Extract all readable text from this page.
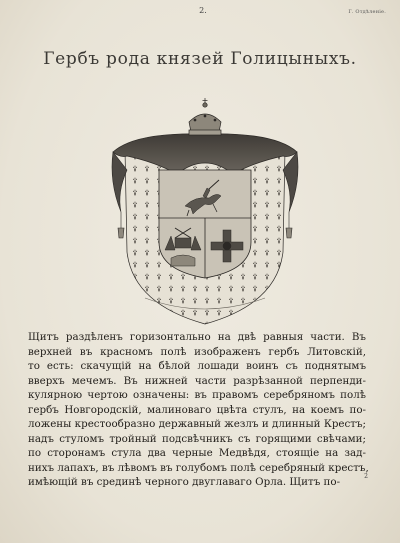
2.	Г. Отдѣленiе.
Гербъ рода князей Голицыныхъ.

Щитъ раздѣленъ горизонтально на двѣ равныя части. Въ
верхней въ красномъ полѣ изображенъ гербъ Литовскій,
то есть: скачущій на бѣлой лошади воинъ съ поднятымъ
вверхъ мечемъ. Въ нижней части разрѣзанной перпенди-
кулярною чертою означены: въ правомъ серебряномъ полѣ
гербъ Новгородскій, малиноваго цвѣта стулъ, на коемъ по-
ложены крестообразно державный жезлъ и длинный Крестъ;
надъ стуломъ тройный подсвѣчникъ съ горящими свѣчами;
по сторонамъ стула два черные Медвѣдя, стоящіе на зад-
нихъ лапахъ, въ лѣвомъ въ голубомъ полѣ серебряный крестъ,
имѣющій въ срединѣ черного двуглаваго Орла. Щитъ по-	2
